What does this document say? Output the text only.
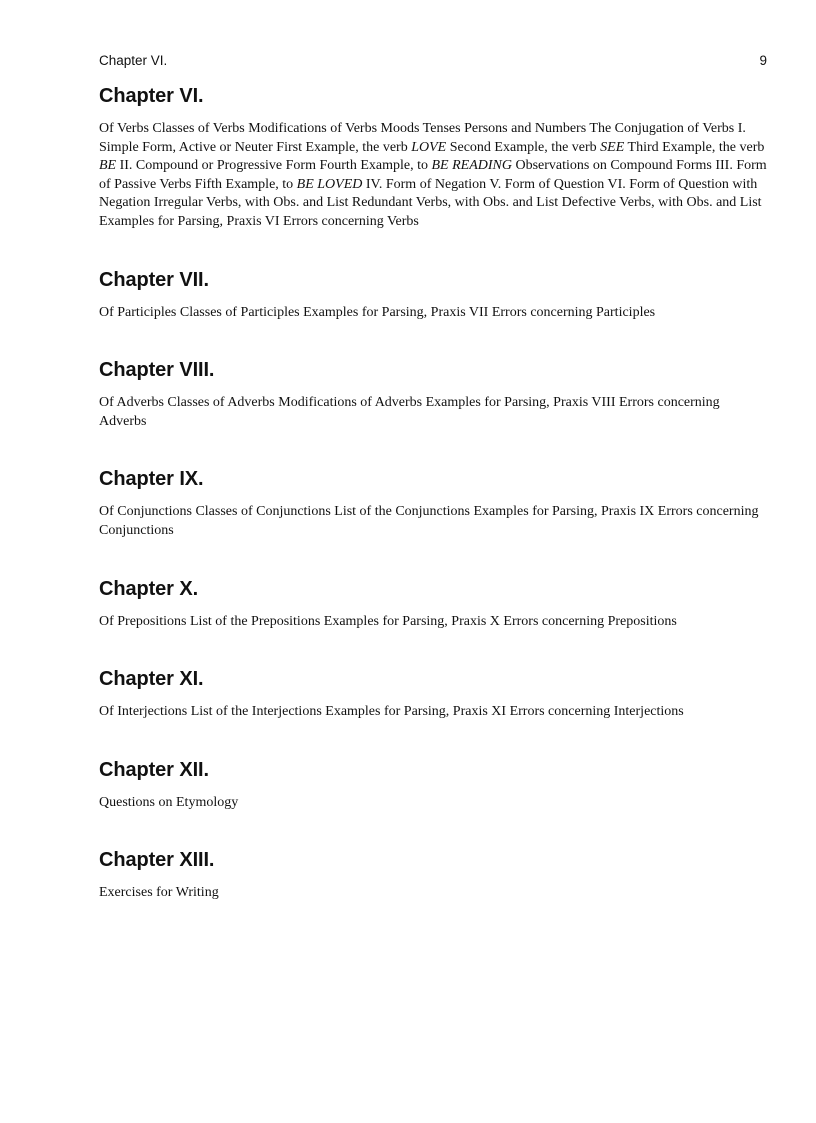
Chapter VI.	9
Chapter VI.

Of Verbs Classes of Verbs Modifications of Verbs Moods Tenses Persons and Numbers The Conjugation of Verbs I. Simple Form, Active or Neuter First Example, the verb LOVE Second Example, the verb SEE Third Example, the verb BE II. Compound or Progressive Form Fourth Example, to BE READING Observations on Compound Forms III. Form of Passive Verbs Fifth Example, to BE LOVED IV. Form of Negation V. Form of Question VI. Form of Question with Negation Irregular Verbs, with Obs. and List Redundant Verbs, with Obs. and List Defective Verbs, with Obs. and List Examples for Parsing, Praxis VI Errors concerning Verbs

Chapter VII.

Of Participles Classes of Participles Examples for Parsing, Praxis VII Errors concerning Participles

Chapter VIII.

Of Adverbs Classes of Adverbs Modifications of Adverbs Examples for Parsing, Praxis VIII Errors concerning Adverbs

Chapter IX.

Of Conjunctions Classes of Conjunctions List of the Conjunctions Examples for Parsing, Praxis IX Errors concerning Conjunctions

Chapter X.

Of Prepositions List of the Prepositions Examples for Parsing, Praxis X Errors concerning Prepositions

Chapter XI.

Of Interjections List of the Interjections Examples for Parsing, Praxis XI Errors concerning Interjections

Chapter XII.

Questions on Etymology

Chapter XIII.

Exercises for Writing
